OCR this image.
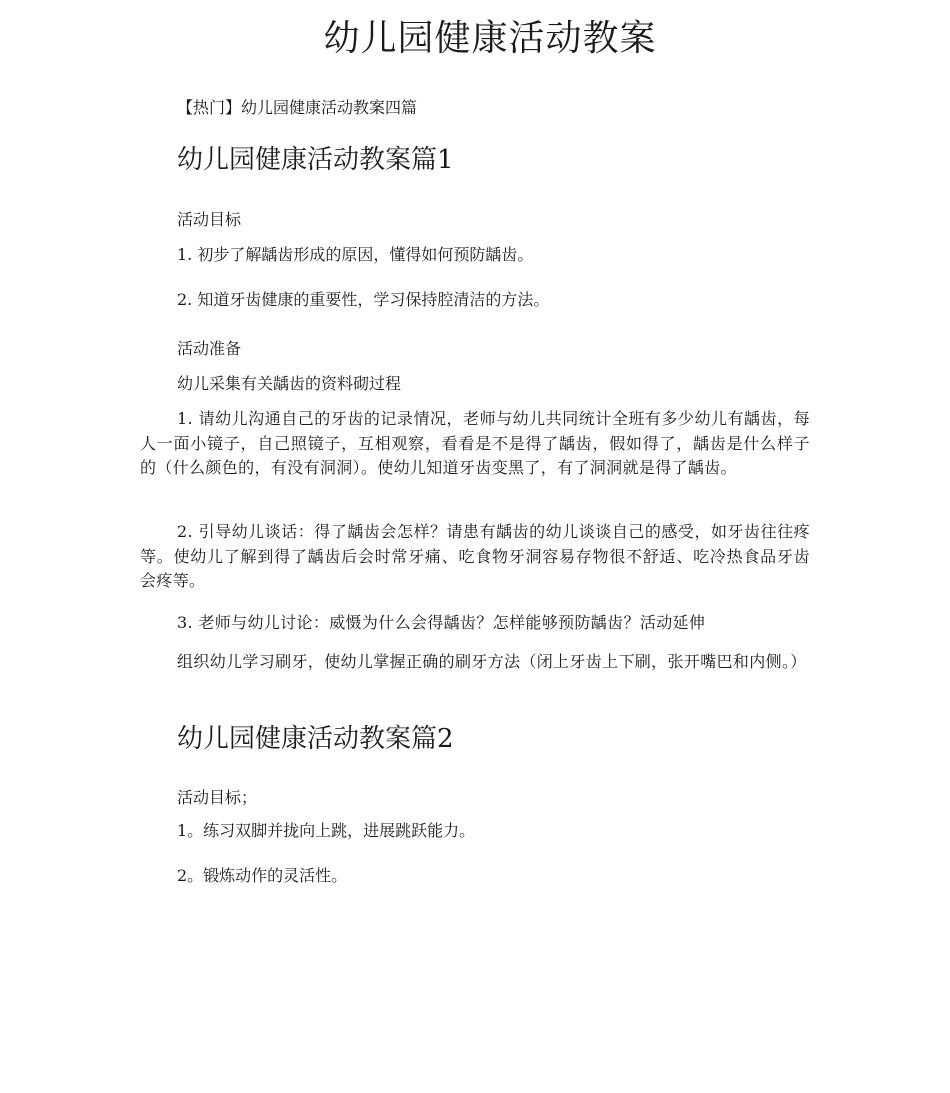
幼儿园健康活动教案
【热门】幼儿园健康活动教案四篇
幼儿园健康活动教案篇1
活动目标
1. 初步了解龋齿形成的原因，懂得如何预防龋齿。
2. 知道牙齿健康的重要性，学习保持腔清洁的方法。
活动准备
幼儿采集有关龋齿的资料砌过程
1. 请幼儿沟通自己的牙齿的记录情况，老师与幼儿共同统计全班有多少幼儿有龋齿，每人一面小镜子，自己照镜子，互相观察，看看是不是得了龋齿，假如得了，龋齿是什么样子的（什么颜色的，有没有洞洞）。使幼儿知道牙齿变黑了，有了洞洞就是得了龋齿。
2. 引导幼儿谈话：得了龋齿会怎样？请患有龋齿的幼儿谈谈自己的感受，如牙齿往往疼等。使幼儿了解到得了龋齿后会时常牙痛、吃食物牙洞容易存物很不舒适、吃冷热食品牙齿会疼等。
3. 老师与幼儿讨论：威慑为什么会得龋齿？怎样能够预防龋齿？活动延伸
组织幼儿学习刷牙，使幼儿掌握正确的刷牙方法（闭上牙齿上下刷，张开嘴巴和内侧。）
幼儿园健康活动教案篇2
活动目标；
1。练习双脚并拢向上跳，进展跳跃能力。
2。锻炼动作的灵活性。
